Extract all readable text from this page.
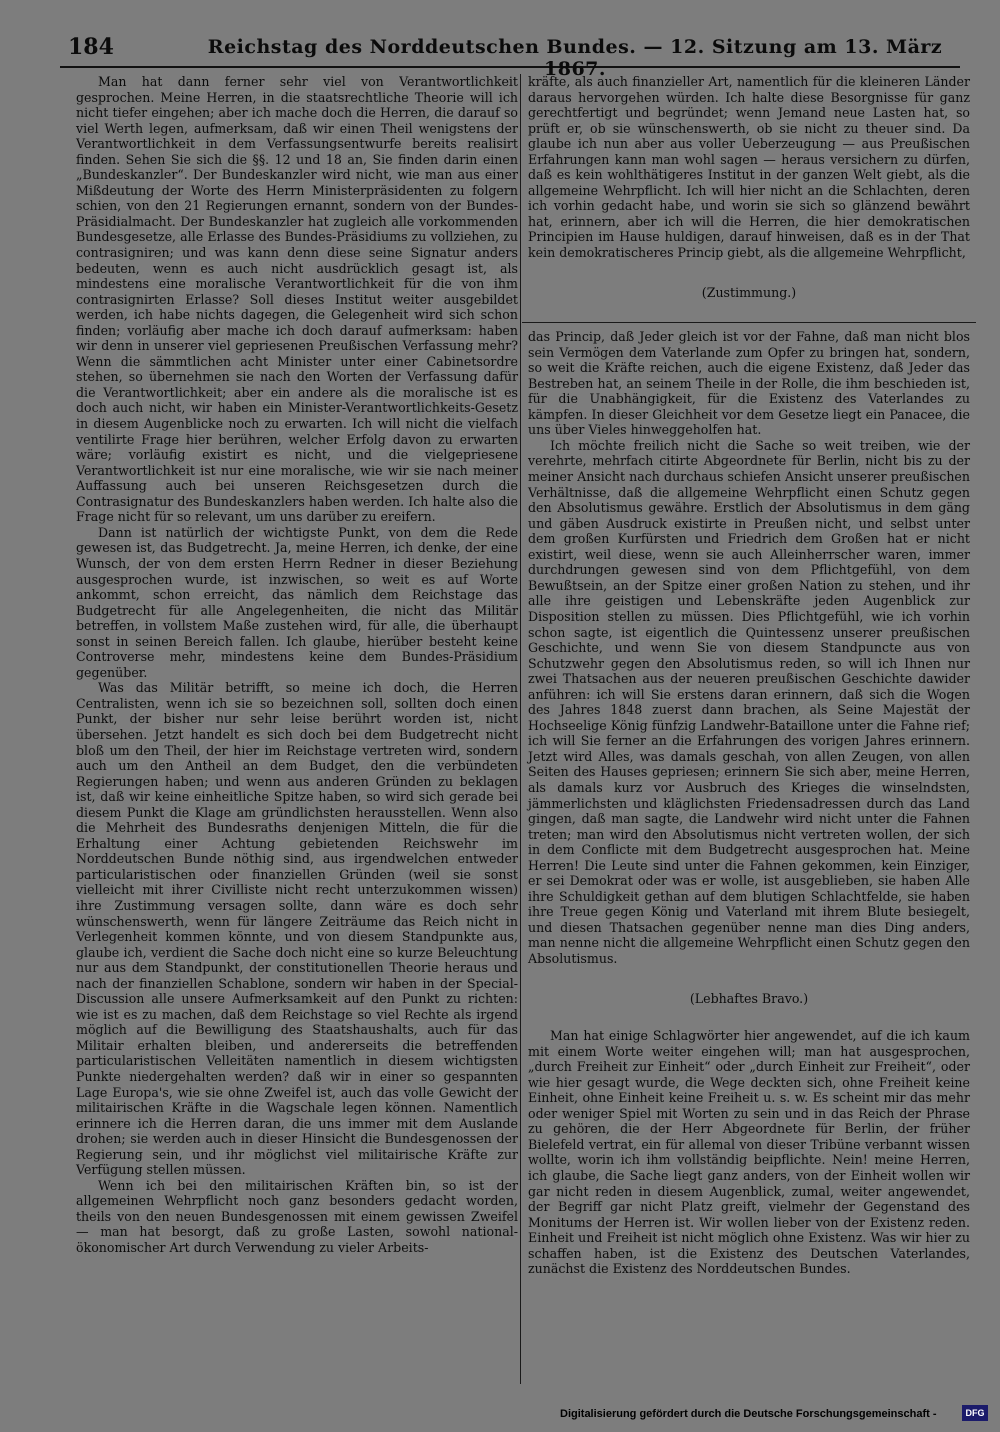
184	Reichstag des Norddeutschen Bundes. — 12. Sitzung am 13. März 1867.

Man hat dann ferner sehr viel von Verantwortlichkeit gesprochen. Meine Herren, in die staatsrechtliche Theorie will ich nicht tiefer eingehen; aber ich mache doch die Herren, die darauf so viel Werth legen, aufmerksam, daß wir einen Theil wenigstens der Verantwortlichkeit in dem Verfassungsentwurfe bereits realisirt finden. Sehen Sie sich die §§. 12 und 18 an, Sie finden darin einen „Bundeskanzler“. Der Bundeskanzler wird nicht, wie man aus einer Mißdeutung der Worte des Herrn Ministerpräsidenten zu folgern schien, von den 21 Regierungen ernannt, sondern von der Bundes-Präsidialmacht. Der Bundeskanzler hat zugleich alle vorkommenden Bundesgesetze, alle Erlasse des Bundes-Präsidiums zu vollziehen, zu contrasigniren; und was kann denn diese seine Signatur anders bedeuten, wenn es auch nicht ausdrücklich gesagt ist, als mindestens eine moralische Verantwortlichkeit für die von ihm contrasignirten Erlasse? Soll dieses Institut weiter ausgebildet werden, ich habe nichts dagegen, die Gelegenheit wird sich schon finden; vorläufig aber mache ich doch darauf aufmerksam: haben wir denn in unserer viel gepriesenen Preußischen Verfassung mehr? Wenn die sämmtlichen acht Minister unter einer Cabinetsordre stehen, so übernehmen sie nach den Worten der Verfassung dafür die Verantwortlichkeit; aber ein andere als die moralische ist es doch auch nicht, wir haben ein Minister-Verantwortlichkeits-Gesetz in diesem Augenblicke noch zu erwarten. Ich will nicht die vielfach ventilirte Frage hier berühren, welcher Erfolg davon zu erwarten wäre; vorläufig existirt es nicht, und die vielgepriesene Verantwortlichkeit ist nur eine moralische, wie wir sie nach meiner Auffassung auch bei unseren Reichsgesetzen durch die Contrasignatur des Bundeskanzlers haben werden. Ich halte also die Frage nicht für so relevant, um uns darüber zu ereifern.

Dann ist natürlich der wichtigste Punkt, von dem die Rede gewesen ist, das Budgetrecht. Ja, meine Herren, ich denke, der eine Wunsch, der von dem ersten Herrn Redner in dieser Beziehung ausgesprochen wurde, ist inzwischen, so weit es auf Worte ankommt, schon erreicht, das nämlich dem Reichstage das Budgetrecht für alle Angelegenheiten, die nicht das Militär betreffen, in vollstem Maße zustehen wird, für alle, die überhaupt sonst in seinen Bereich fallen. Ich glaube, hierüber besteht keine Controverse mehr, mindestens keine dem Bundes-Präsidium gegenüber.

Was das Militär betrifft, so meine ich doch, die Herren Centralisten, wenn ich sie so bezeichnen soll, sollten doch einen Punkt, der bisher nur sehr leise berührt worden ist, nicht übersehen. Jetzt handelt es sich doch bei dem Budgetrecht nicht bloß um den Theil, der hier im Reichstage vertreten wird, sondern auch um den Antheil an dem Budget, den die verbündeten Regierungen haben; und wenn aus anderen Gründen zu beklagen ist, daß wir keine einheitliche Spitze haben, so wird sich gerade bei diesem Punkt die Klage am gründlichsten herausstellen. Wenn also die Mehrheit des Bundesraths denjenigen Mitteln, die für die Erhaltung einer Achtung gebietenden Reichswehr im Norddeutschen Bunde nöthig sind, aus irgendwelchen entweder particularistischen oder finanziellen Gründen (weil sie sonst vielleicht mit ihrer Civilliste nicht recht unterzukommen wissen) ihre Zustimmung versagen sollte, dann wäre es doch sehr wünschenswerth, wenn für längere Zeiträume das Reich nicht in Verlegenheit kommen könnte, und von diesem Standpunkte aus, glaube ich, verdient die Sache doch nicht eine so kurze Beleuchtung nur aus dem Standpunkt, der constitutionellen Theorie heraus und nach der finanziellen Schablone, sondern wir haben in der Special-Discussion alle unsere Aufmerksamkeit auf den Punkt zu richten: wie ist es zu machen, daß dem Reichstage so viel Rechte als irgend möglich auf die Bewilligung des Staatshaushalts, auch für das Militair erhalten bleiben, und andererseits die betreffenden particularistischen Velleitäten namentlich in diesem wichtigsten Punkte niedergehalten werden? daß wir in einer so gespannten Lage Europa's, wie sie ohne Zweifel ist, auch das volle Gewicht der militairischen Kräfte in die Wagschale legen können. Namentlich erinnere ich die Herren daran, die uns immer mit dem Auslande drohen; sie werden auch in dieser Hinsicht die Bundesgenossen der Regierung sein, und ihr möglichst viel militairische Kräfte zur Verfügung stellen müssen.

Wenn ich bei den militairischen Kräften bin, so ist der allgemeinen Wehrpflicht noch ganz besonders gedacht worden, theils von den neuen Bundesgenossen mit einem gewissen Zweifel — man hat besorgt, daß zu große Lasten, sowohl national-ökonomischer Art durch Verwendung zu vieler Arbeits-

kräfte, als auch finanzieller Art, namentlich für die kleineren Länder daraus hervorgehen würden. Ich halte diese Besorgnisse für ganz gerechtfertigt und begründet; wenn Jemand neue Lasten hat, so prüft er, ob sie wünschenswerth, ob sie nicht zu theuer sind. Da glaube ich nun aber aus voller Ueberzeugung — aus Preußischen Erfahrungen kann man wohl sagen — heraus versichern zu dürfen, daß es kein wohlthätigeres Institut in der ganzen Welt giebt, als die allgemeine Wehrpflicht. Ich will hier nicht an die Schlachten, deren ich vorhin gedacht habe, und worin sie sich so glänzend bewährt hat, erinnern, aber ich will die Herren, die hier demokratischen Principien im Hause huldigen, darauf hinweisen, daß es in der That kein demokratischeres Princip giebt, als die allgemeine Wehrpflicht,

(Zustimmung.)

das Princip, daß Jeder gleich ist vor der Fahne, daß man nicht blos sein Vermögen dem Vaterlande zum Opfer zu bringen hat, sondern, so weit die Kräfte reichen, auch die eigene Existenz, daß Jeder das Bestreben hat, an seinem Theile in der Rolle, die ihm beschieden ist, für die Unabhängigkeit, für die Existenz des Vaterlandes zu kämpfen. In dieser Gleichheit vor dem Gesetze liegt ein Panacee, die uns über Vieles hinweggeholfen hat.

Ich möchte freilich nicht die Sache so weit treiben, wie der verehrte, mehrfach citirte Abgeordnete für Berlin, nicht bis zu der meiner Ansicht nach durchaus schiefen Ansicht unserer preußischen Verhältnisse, daß die allgemeine Wehrpflicht einen Schutz gegen den Absolutismus gewähre. Erstlich der Absolutismus in dem gäng und gäben Ausdruck existirte in Preußen nicht, und selbst unter dem großen Kurfürsten und Friedrich dem Großen hat er nicht existirt, weil diese, wenn sie auch Alleinherrscher waren, immer durchdrungen gewesen sind von dem Pflichtgefühl, von dem Bewußtsein, an der Spitze einer großen Nation zu stehen, und ihr alle ihre geistigen und Lebenskräfte jeden Augenblick zur Disposition stellen zu müssen. Dies Pflichtgefühl, wie ich vorhin schon sagte, ist eigentlich die Quintessenz unserer preußischen Geschichte, und wenn Sie von diesem Standpuncte aus von Schutzwehr gegen den Absolutismus reden, so will ich Ihnen nur zwei Thatsachen aus der neueren preußischen Geschichte dawider anführen: ich will Sie erstens daran erinnern, daß sich die Wogen des Jahres 1848 zuerst dann brachen, als Seine Majestät der Hochseelige König fünfzig Landwehr-Bataillone unter die Fahne rief; ich will Sie ferner an die Erfahrungen des vorigen Jahres erinnern. Jetzt wird Alles, was damals geschah, von allen Zeugen, von allen Seiten des Hauses gepriesen; erinnern Sie sich aber, meine Herren, als damals kurz vor Ausbruch des Krieges die winselndsten, jämmerlichsten und kläglichsten Friedensadressen durch das Land gingen, daß man sagte, die Landwehr wird nicht unter die Fahnen treten; man wird den Absolutismus nicht vertreten wollen, der sich in dem Conflicte mit dem Budgetrecht ausgesprochen hat. Meine Herren! Die Leute sind unter die Fahnen gekommen, kein Einziger, er sei Demokrat oder was er wolle, ist ausgeblieben, sie haben Alle ihre Schuldigkeit gethan auf dem blutigen Schlachtfelde, sie haben ihre Treue gegen König und Vaterland mit ihrem Blute besiegelt, und diesen Thatsachen gegenüber nenne man dies Ding anders, man nenne nicht die allgemeine Wehrpflicht einen Schutz gegen den Absolutismus.

(Lebhaftes Bravo.)

Man hat einige Schlagwörter hier angewendet, auf die ich kaum mit einem Worte weiter eingehen will; man hat ausgesprochen, „durch Freiheit zur Einheit“ oder „durch Einheit zur Freiheit“, oder wie hier gesagt wurde, die Wege deckten sich, ohne Freiheit keine Einheit, ohne Einheit keine Freiheit u. s. w. Es scheint mir das mehr oder weniger Spiel mit Worten zu sein und in das Reich der Phrase zu gehören, die der Herr Abgeordnete für Berlin, der früher Bielefeld vertrat, ein für allemal von dieser Tribüne verbannt wissen wollte, worin ich ihm vollständig beipflichte. Nein! meine Herren, ich glaube, die Sache liegt ganz anders, von der Einheit wollen wir gar nicht reden in diesem Augenblick, zumal, weiter angewendet, der Begriff gar nicht Platz greift, vielmehr der Gegenstand des Monitums der Herren ist. Wir wollen lieber von der Existenz reden. Einheit und Freiheit ist nicht möglich ohne Existenz. Was wir hier zu schaffen haben, ist die Existenz des Deutschen Vaterlandes, zunächst die Existenz des Norddeutschen Bundes.

Digitalisierung gefördert durch die Deutsche Forschungsgemeinschaft -	DFG
